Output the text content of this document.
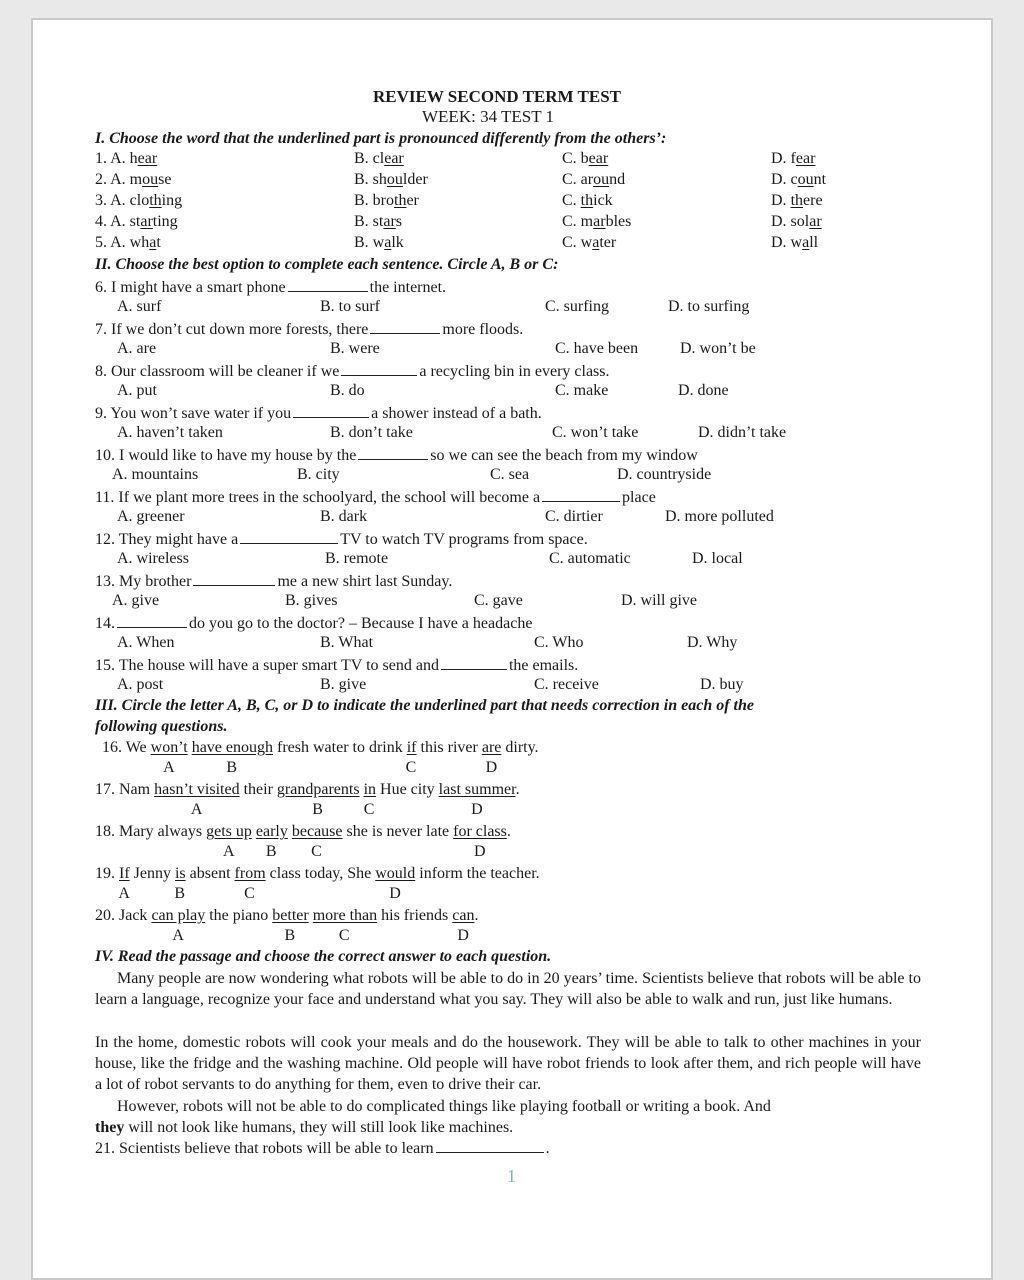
REVIEW SECOND TERM TEST
WEEK: 34 TEST 1
I. Choose the word that the underlined part is pronounced differently from the others’:
1. A. hear	B. clear	C. bear	D. fear
2. A. mouse	B. shoulder	C. around	D. count
3. A. clothing	B. brother	C. thick	D. there
4. A. starting	B. stars	C. marbles	D. solar
5. A. what	B. walk	C. water	D. wall
II. Choose the best option to complete each sentence. Circle A, B or C:
6. I might have a smart phone	the internet.
A. surf	B. to surf	C. surfing	D. to surfing
7. If we don’t cut down more forests, there	more floods.
A. are	B. were	C. have been	D. won’t be
8. Our classroom will be cleaner if we	a recycling bin in every class.
A. put	B. do	C. make	D. done
9. You won’t save water if you	a shower instead of a bath.
A. haven’t taken	B. don’t take	C. won’t take	D. didn’t take
10. I would like to have my house by the	so we can see the beach from my window
A. mountains	B. city	C. sea	D. countryside
11. If we plant more trees in the schoolyard, the school will become a	place
A. greener	B. dark	C. dirtier	D. more polluted
12. They might have a	TV to watch TV programs from space.
A. wireless	B. remote	C. automatic	D. local
13. My brother	me a new shirt last Sunday.
A. give	B. gives	C. gave	D. will give
14.	do you go to the doctor? – Because I have a headache
A. When	B. What	C. Who	D. Why
15. The house will have a super smart TV to send and	the emails.
A. post	B. give	C. receive	D. buy
III. Circle the letter A, B, C, or D to indicate the underlined part that needs correction in each of the
following questions.
16. We won’t have enough fresh water to drink if this river are dirty.
A	B	C	D
17. Nam hasn’t visited their grandparents in Hue city last summer.
A	B	C	D
18. Mary always gets up early because she is never late for class.
A B C	D
19. If Jenny is absent from class today, She would inform the teacher.
A	B	C	D
20. Jack can play the piano better more than his friends can.
A	B	C	D
IV. Read the passage and choose the correct answer to each question.
Many people are now wondering what robots will be able to do in 20 years’ time. Scientists believe that robots will be able to learn a language, recognize your face and understand what you say. They will also be able to walk and run, just like humans.
In the home, domestic robots will cook your meals and do the housework. They will be able to talk to other machines in your house, like the fridge and the washing machine. Old people will have robot friends to look after them, and rich people will have a lot of robot servants to do anything for them, even to drive their car.
However, robots will not be able to do complicated things like playing football or writing a book. And
they will not look like humans, they will still look like machines.
21. Scientists believe that robots will be able to learn	.
1
